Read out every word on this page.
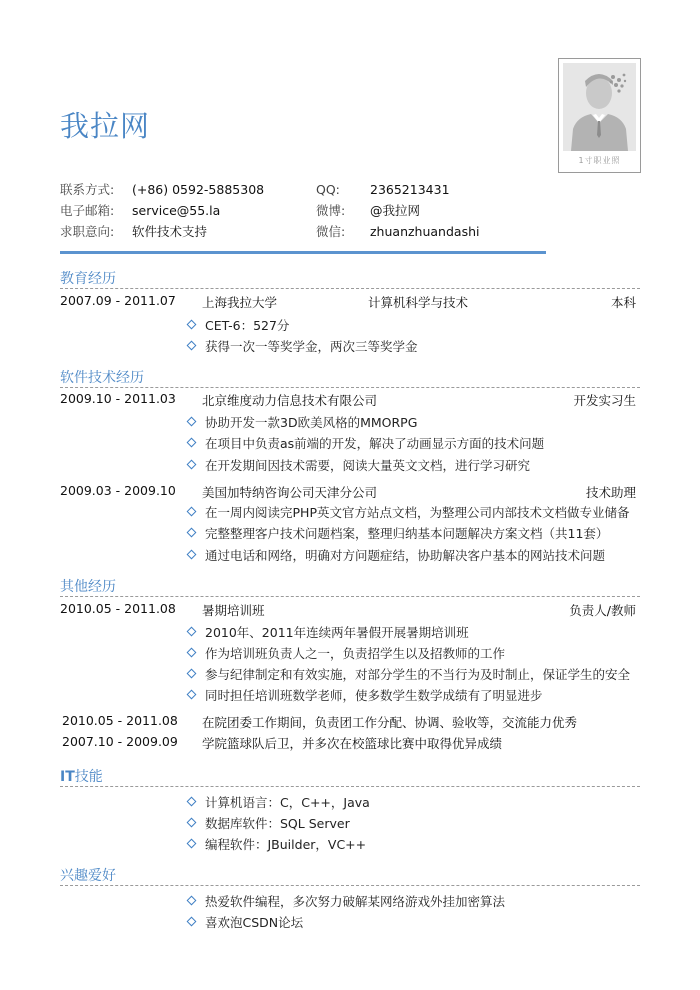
我拉网
1寸职业照
联系方式: (+86) 0592-5885308
电子邮箱: service@55.la
求职意向: 软件技术支持
QQ: 2365213431
微博: @我拉网
微信: zhuanzhuandashi
教育经历
2007.09 - 2011.07 上海我拉大学	计算机科学与技术	本科
CET-6：527分
获得一次一等奖学金，两次三等奖学金
软件技术经历
2009.10 - 2011.03 北京维度动力信息技术有限公司	开发实习生
协助开发一款3D欧美风格的MMORPG
在项目中负责as前端的开发，解决了动画显示方面的技术问题
在开发期间因技术需要，阅读大量英文文档，进行学习研究
2009.03 - 2009.10 美国加特纳咨询公司天津分公司	技术助理
在一周内阅读完PHP英文官方站点文档，为整理公司内部技术文档做专业储备
完整整理客户技术问题档案，整理归纳基本问题解决方案文档（共11套）
通过电话和网络，明确对方问题症结，协助解决客户基本的网站技术问题
其他经历
2010.05 - 2011.08 暑期培训班	负责人/教师
2010年、2011年连续两年暑假开展暑期培训班
作为培训班负责人之一，负责招学生以及招教师的工作
参与纪律制定和有效实施，对部分学生的不当行为及时制止，保证学生的安全
同时担任培训班数学老师，使多数学生数学成绩有了明显进步
2010.05 - 2011.08 在院团委工作期间，负责团工作分配、协调、验收等，交流能力优秀
2007.10 - 2009.09 学院篮球队后卫，并多次在校篮球比赛中取得优异成绩
IT技能
计算机语言：C，C++，Java
数据库软件：SQL Server
编程软件：JBuilder，VC++
兴趣爱好
热爱软件编程，多次努力破解某网络游戏外挂加密算法
喜欢泡CSDN论坛
